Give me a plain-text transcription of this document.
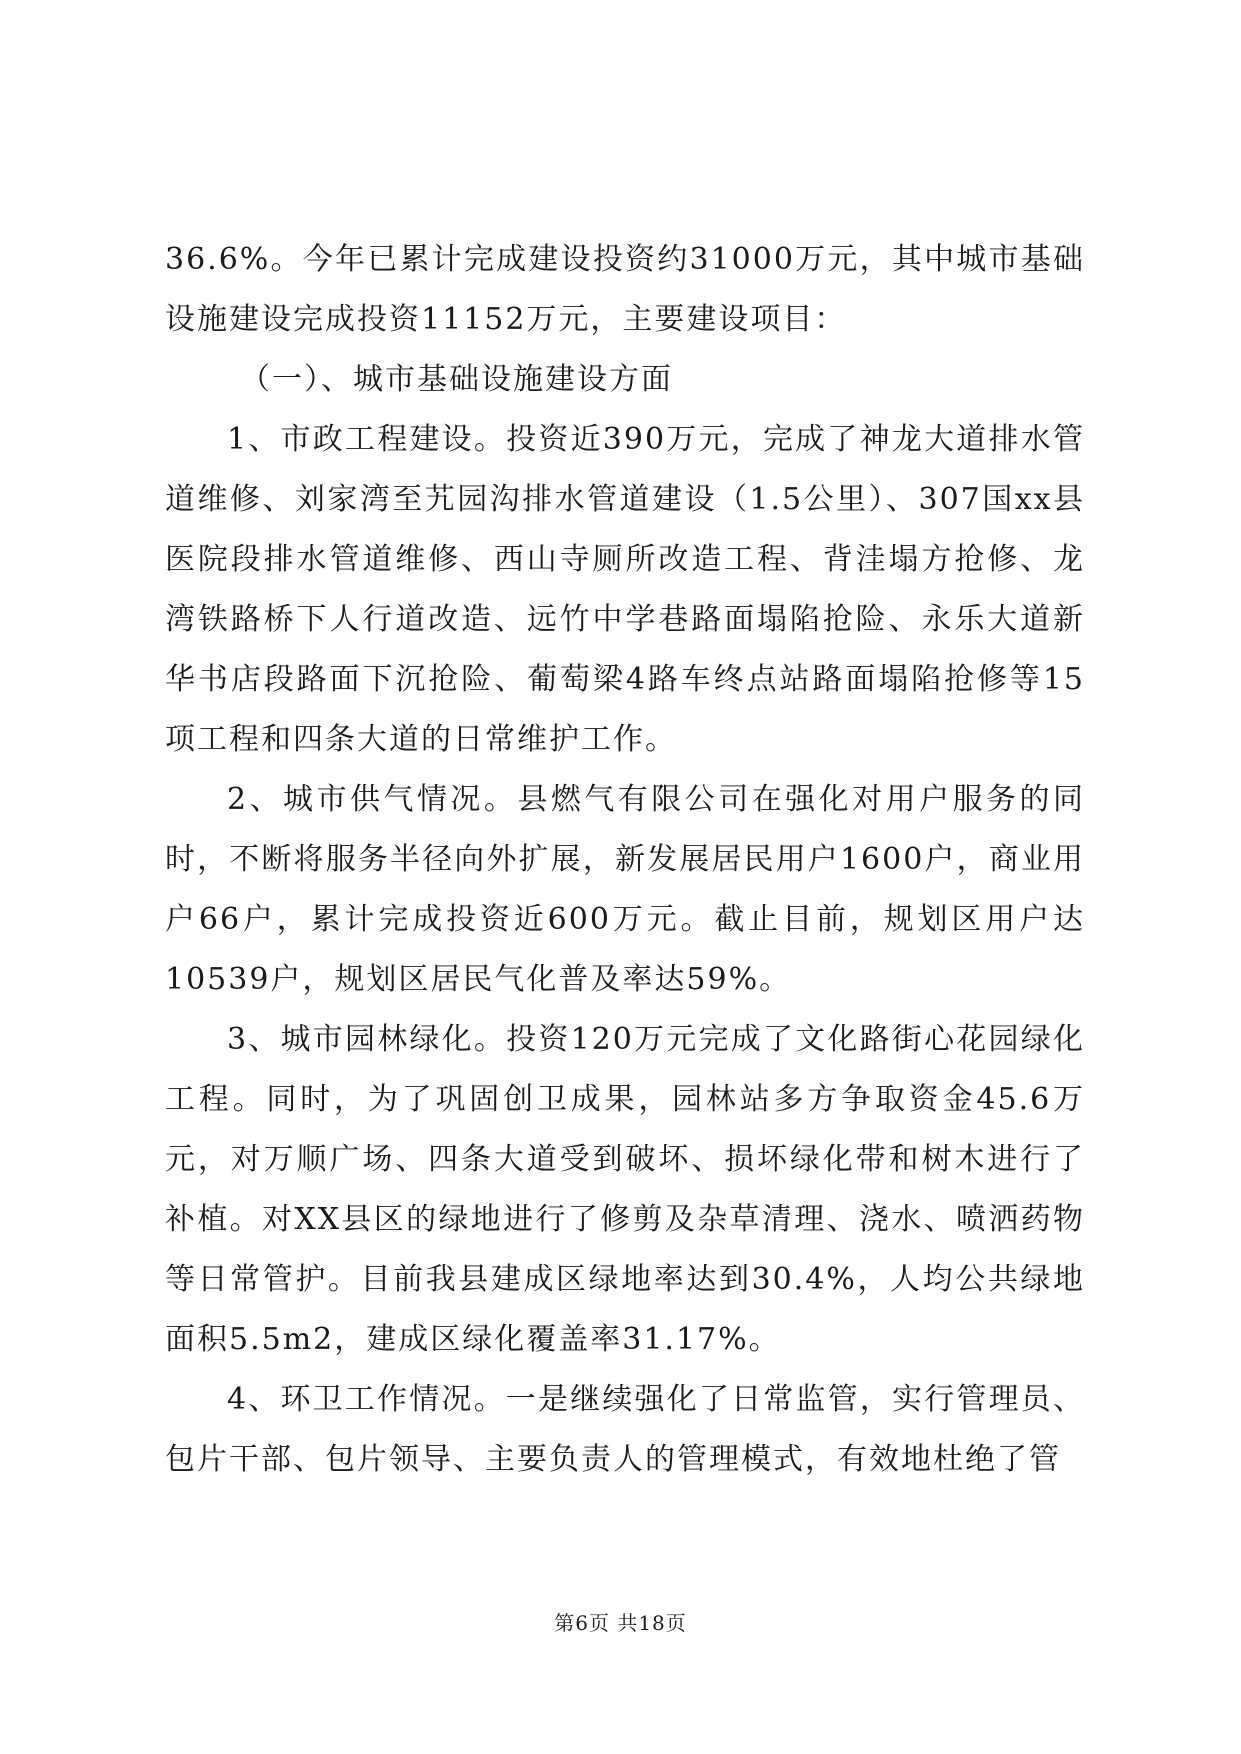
36.6%。今年已累计完成建设投资约31000万元，其中城市基础设施建设完成投资11152万元，主要建设项目：

（一）、城市基础设施建设方面

1、市政工程建设。投资近390万元，完成了神龙大道排水管道维修、刘家湾至艽园沟排水管道建设（1.5公里）、307国xx县医院段排水管道维修、西山寺厕所改造工程、背洼塌方抢修、龙湾铁路桥下人行道改造、远竹中学巷路面塌陷抢险、永乐大道新华书店段路面下沉抢险、葡萄梁4路车终点站路面塌陷抢修等15项工程和四条大道的日常维护工作。

2、城市供气情况。县燃气有限公司在强化对用户服务的同时，不断将服务半径向外扩展，新发展居民用户1600户，商业用户66户，累计完成投资近600万元。截止目前，规划区用户达10539户，规划区居民气化普及率达59%。

3、城市园林绿化。投资120万元完成了文化路街心花园绿化工程。同时，为了巩固创卫成果，园林站多方争取资金45.6万元，对万顺广场、四条大道受到破坏、损坏绿化带和树木进行了补植。对XX县区的绿地进行了修剪及杂草清理、浇水、喷洒药物等日常管护。目前我县建成区绿地率达到30.4%，人均公共绿地面积5.5m2，建成区绿化覆盖率31.17%。

4、环卫工作情况。一是继续强化了日常监管，实行管理员、包片干部、包片领导、主要负责人的管理模式，有效地杜绝了管

第6页 共18页
